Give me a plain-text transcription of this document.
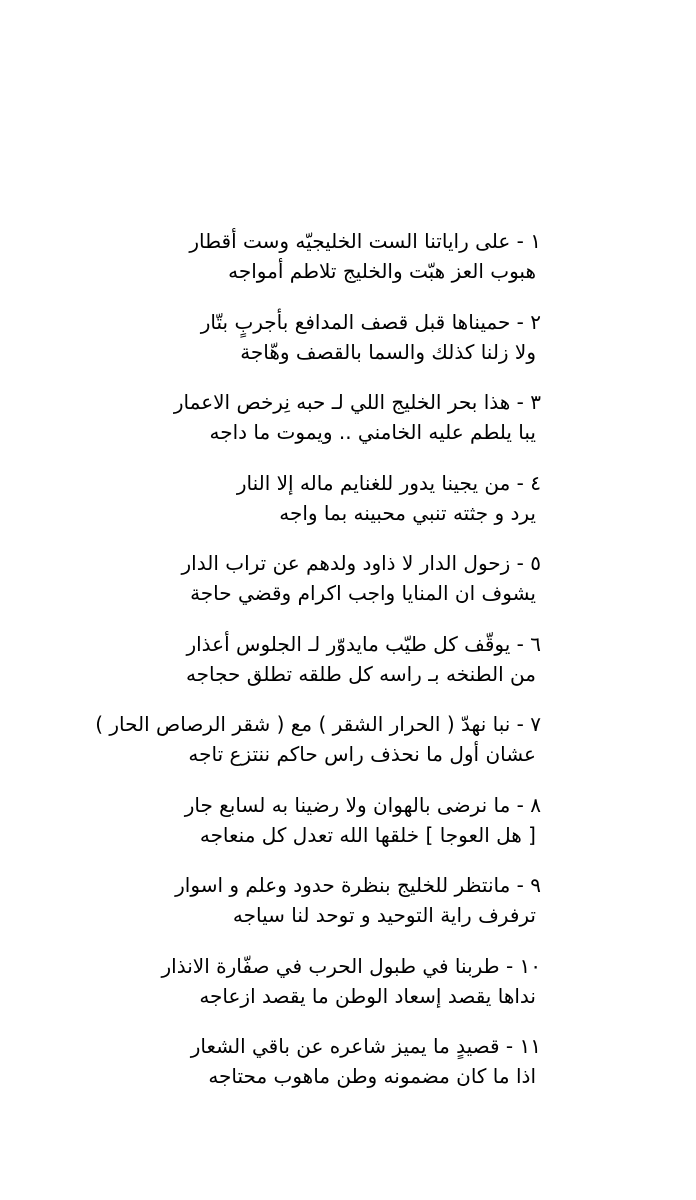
١ - على راياتنا الست الخليجيّه وست أقطار
هبوب العز هبّت والخليج تلاطم أمواجه
٢ - حميناها قبل قصف المدافع بأجربٍ بتّار
ولا زلنا كذلك والسما بالقصف وهّاجة
٣ - هذا بحر الخليج اللي لـ حبه نِرخص الاعمار
يبا يلطم عليه الخامني .. ويموت ما داجه
٤ - من يجينا يدور للغنايم ماله إلا النار
يرد و جثته تنبي محبينه بما واجه
٥ - زحول الدار لا ذاود ولدهم عن تراب الدار
يشوف ان المنايا واجب اكرام وقضي حاجة
٦ - يوقّف كل طيّب مايدوّر لـ الجلوس أعذار
من الطنخه بـ راسه كل طلقه تطلق حجاجه
٧ - نبا نهدّ ( الحرار الشقر ) مع ( شقر الرصاص الحار )
عشان أول ما نحذف راس حاكم ننتزع تاجه
٨ - ما نرضى بالهوان ولا رضينا به لسابع جار
[ هل العوجا ] خلقها الله تعدل كل منعاجه
٩ - مانتظر للخليج بنظرة حدود وعلم و اسوار
ترفرف راية التوحيد و توحد لنا سياجه
١٠ - طربنا في طبول الحرب في صفّارة الانذار
نداها يقصد إسعاد الوطن ما يقصد ازعاجه
١١ - قصيدٍ ما يميز شاعره عن باقي الشعار
اذا ما كان مضمونه وطن ماهوب محتاجه
